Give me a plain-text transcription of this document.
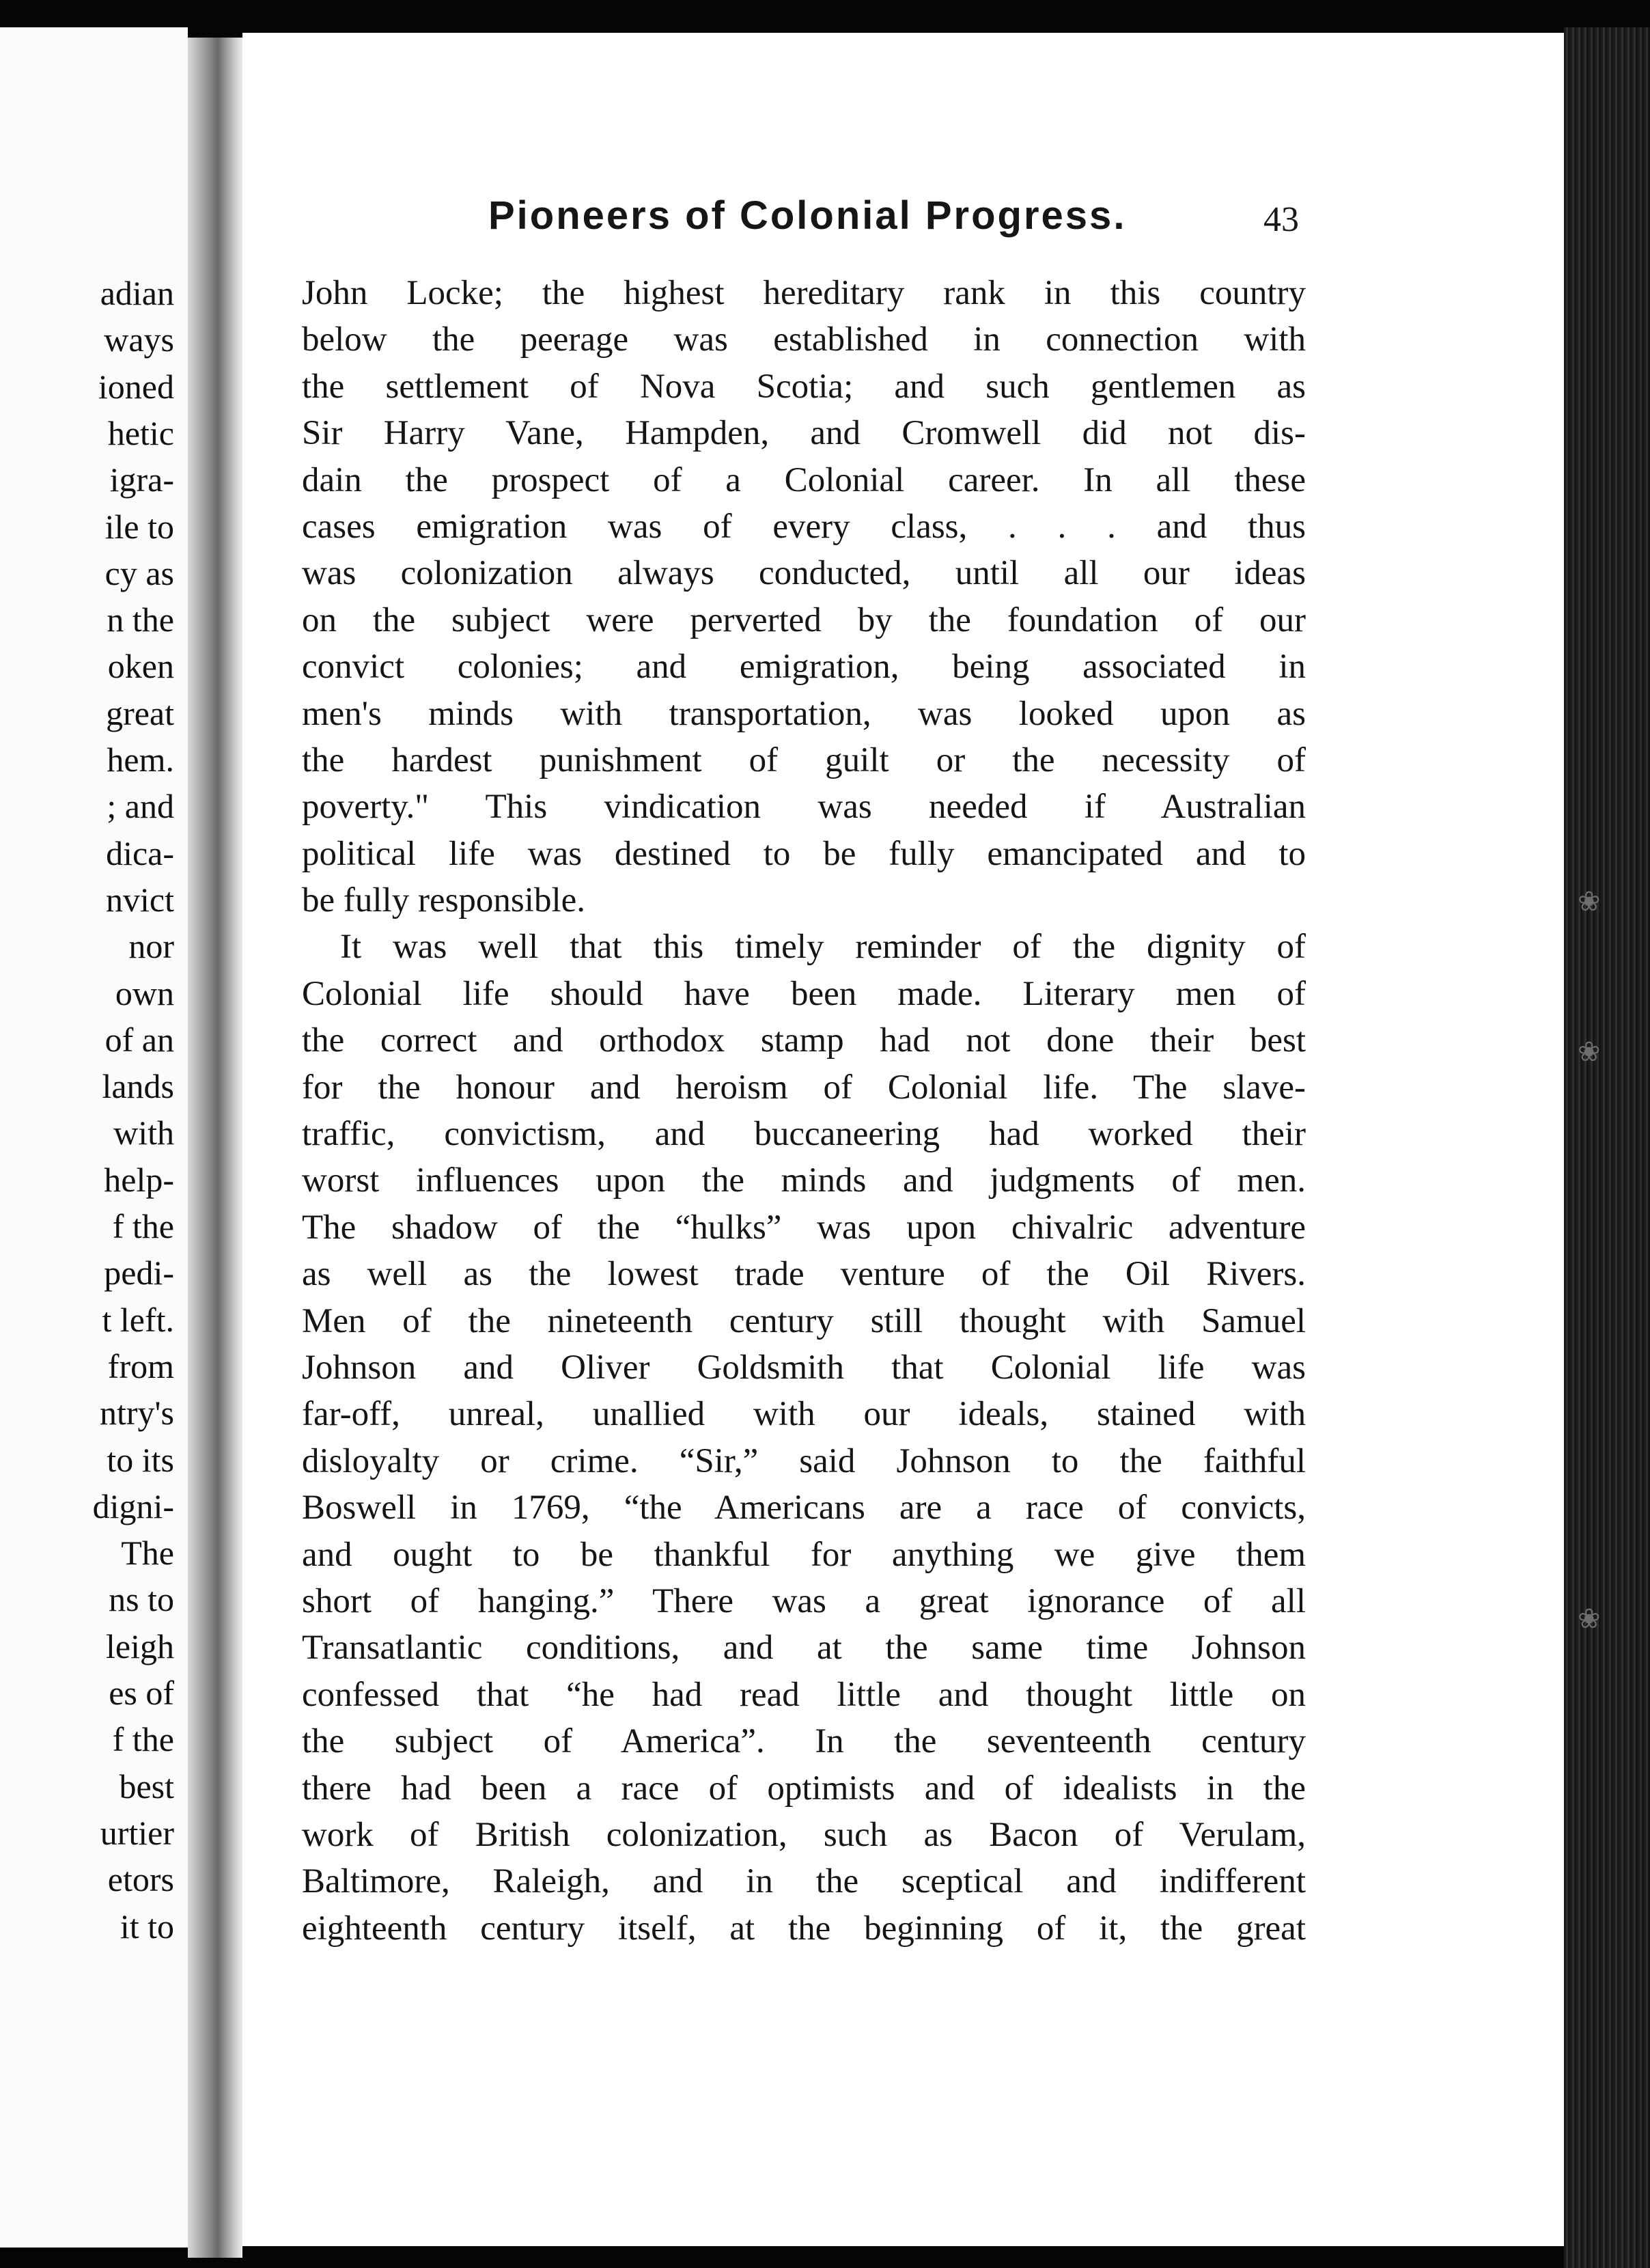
adian
ways
ioned
hetic
igra-
ile to
cy as
n the
oken
great
hem.
; and
dica-
nvict
nor
own
of an
lands
with
help-
f the
pedi-
t left.
from
ntry's
to its
digni-
The
ns to
leigh
es of
f the
best
urtier
etors
it to
❀
❀
❀
Pioneers of Colonial Progress.	43
John Locke; the highest hereditary rank in this country
below the peerage was established in connection with
the settlement of Nova Scotia; and such gentlemen as
Sir Harry Vane, Hampden, and Cromwell did not dis-
dain the prospect of a Colonial career. In all these
cases emigration was of every class, . . . and thus
was colonization always conducted, until all our ideas
on the subject were perverted by the foundation of our
convict colonies; and emigration, being associated in
men's minds with transportation, was looked upon as
the hardest punishment of guilt or the necessity of
poverty." This vindication was needed if Australian
political life was destined to be fully emancipated and to
be fully responsible.
It was well that this timely reminder of the dignity of
Colonial life should have been made. Literary men of
the correct and orthodox stamp had not done their best
for the honour and heroism of Colonial life. The slave-
traffic, convictism, and buccaneering had worked their
worst influences upon the minds and judgments of men.
The shadow of the “hulks” was upon chivalric adventure
as well as the lowest trade venture of the Oil Rivers.
Men of the nineteenth century still thought with Samuel
Johnson and Oliver Goldsmith that Colonial life was
far-off, unreal, unallied with our ideals, stained with
disloyalty or crime. “Sir,” said Johnson to the faithful
Boswell in 1769, “the Americans are a race of convicts,
and ought to be thankful for anything we give them
short of hanging.” There was a great ignorance of all
Transatlantic conditions, and at the same time Johnson
confessed that “he had read little and thought little on
the subject of America”. In the seventeenth century
there had been a race of optimists and of idealists in the
work of British colonization, such as Bacon of Verulam,
Baltimore, Raleigh, and in the sceptical and indifferent
eighteenth century itself, at the beginning of it, the great
